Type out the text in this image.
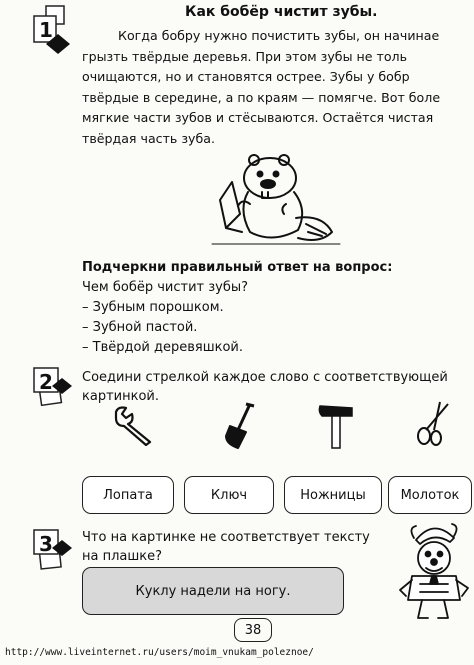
1
Как бобёр чистит зубы.
Когда бобру нужно почистить зубы, он начинае
грызть твёрдые деревья. При этом зубы не толь
очищаются, но и становятся острее. Зубы у бобр
твёрдые в середине, а по краям — помягче. Вот боле
мягкие части зубов и стёсываются. Остаётся чистая
твёрдая часть зуба.
Подчеркни правильный ответ на вопрос:
Чем бобёр чистит зубы?
– Зубным порошком.
– Зубной пастой.
– Твёрдой деревяшкой.
2 Соедини стрелкой каждое слово с соответствующей
картинкой.
Лопата	Ключ	Ножницы	Молоток
3 Что на картинке не соответствует тексту
на плашке?
Куклу надели на ногу.
38
http://www.liveinternet.ru/users/moim_vnukam_poleznoe/
